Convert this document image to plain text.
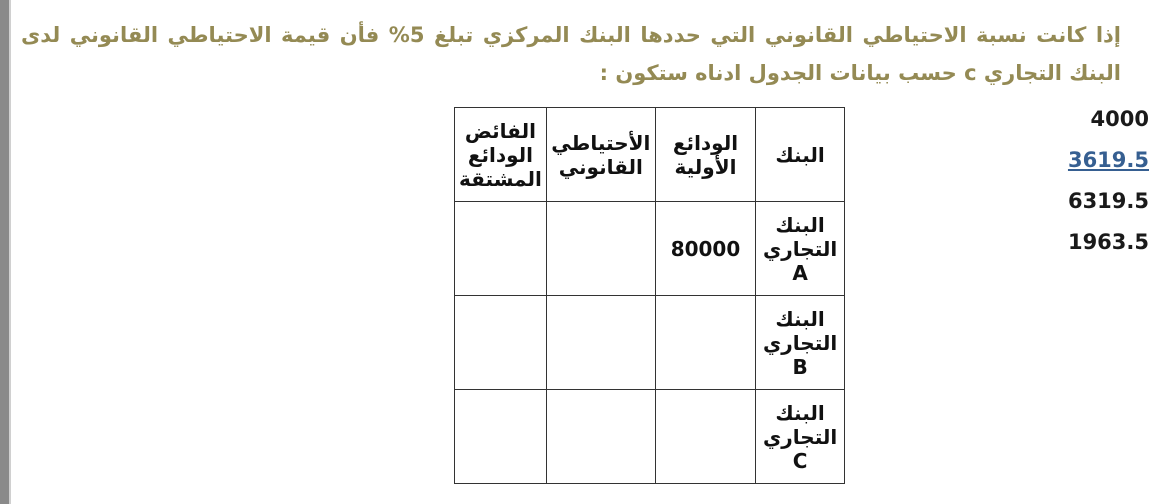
إذا كانت نسبة الاحتياطي القانوني التي حددها البنك المركزي تبلغ 5% فأن قيمة الاحتياطي القانوني لدى البنك التجاري c حسب بيانات الجدول ادناه ستكون :
4000
3619.5
6319.5
1963.5
البنك	الودائع الأولية	الأحتياطي القانوني	الفائض الودائع المشتقة

البنك التجاري
A	80000		

البنك التجاري
B			

البنك التجاري
C			
